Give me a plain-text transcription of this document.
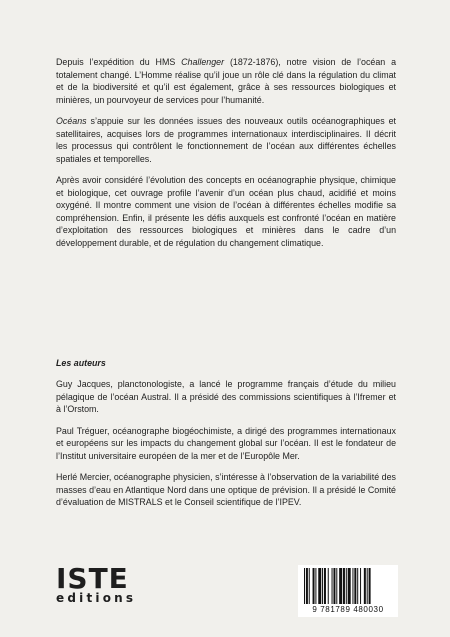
Depuis l’expédition du HMS Challenger (1872-1876), notre vision de l’océan a totalement changé. L’Homme réalise qu’il joue un rôle clé dans la régulation du climat et de la biodiversité et qu’il est également, grâce à ses ressources biologiques et minières, un pourvoyeur de services pour l’humanité.

Océans s’appuie sur les données issues des nouveaux outils océanographiques et satellitaires, acquises lors de programmes internationaux interdisciplinaires. Il décrit les processus qui contrôlent le fonctionnement de l’océan aux différentes échelles spatiales et temporelles.

Après avoir considéré l’évolution des concepts en océanographie physique, chimique et biologique, cet ouvrage profile l’avenir d’un océan plus chaud, acidifié et moins oxygéné. Il montre comment une vision de l’océan à différentes échelles modifie sa compréhension. Enfin, il présente les défis auxquels est confronté l’océan en matière d’exploitation des ressources biologiques et minières dans le cadre d’un développement durable, et de régulation du changement climatique.

Les auteurs

Guy Jacques, planctonologiste, a lancé le programme français d’étude du milieu pélagique de l’océan Austral. Il a présidé des commissions scientifiques à l’Ifremer et à l’Orstom.

Paul Tréguer, océanographe biogéochimiste, a dirigé des programmes internationaux et européens sur les impacts du changement global sur l’océan. Il est le fondateur de l’Institut universitaire européen de la mer et de l’Europôle Mer.

Herlé Mercier, océanographe physicien, s’intéresse à l’observation de la variabilité des masses d’eau en Atlantique Nord dans une optique de prévision. Il a présidé le Comité d’évaluation de MISTRALS et le Conseil scientifique de l’IPEV.

ISTE
editions
9 781789 480030
